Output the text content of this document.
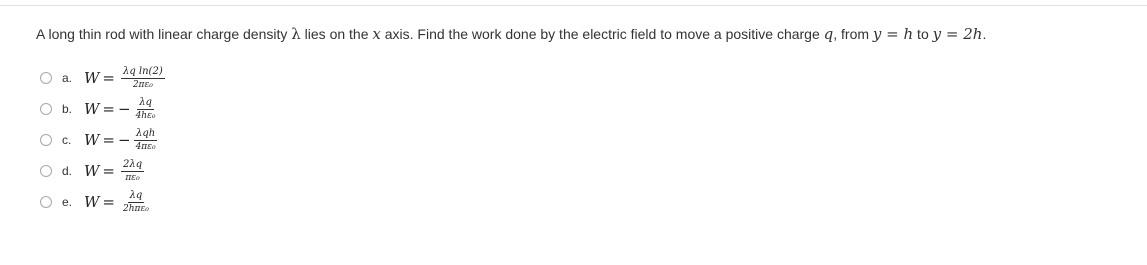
A long thin rod with linear charge density λ lies on the x axis. Find the work done by the electric field to move a positive charge q, from y = h to y = 2h.
a. $W = \frac{\text{λq ln(2)}}{\text{2πε₀}}$
b. W = − $\frac{\lambda q}{\text{4hε₀}}$
c. W = − $\frac{\text{λqh}}{\text{4πε₀}}$
d. $W = \frac{2\lambda q}{\text{πε₀}}$
e. $W = \frac{\lambda q}{\text{2hπε₀}}$
